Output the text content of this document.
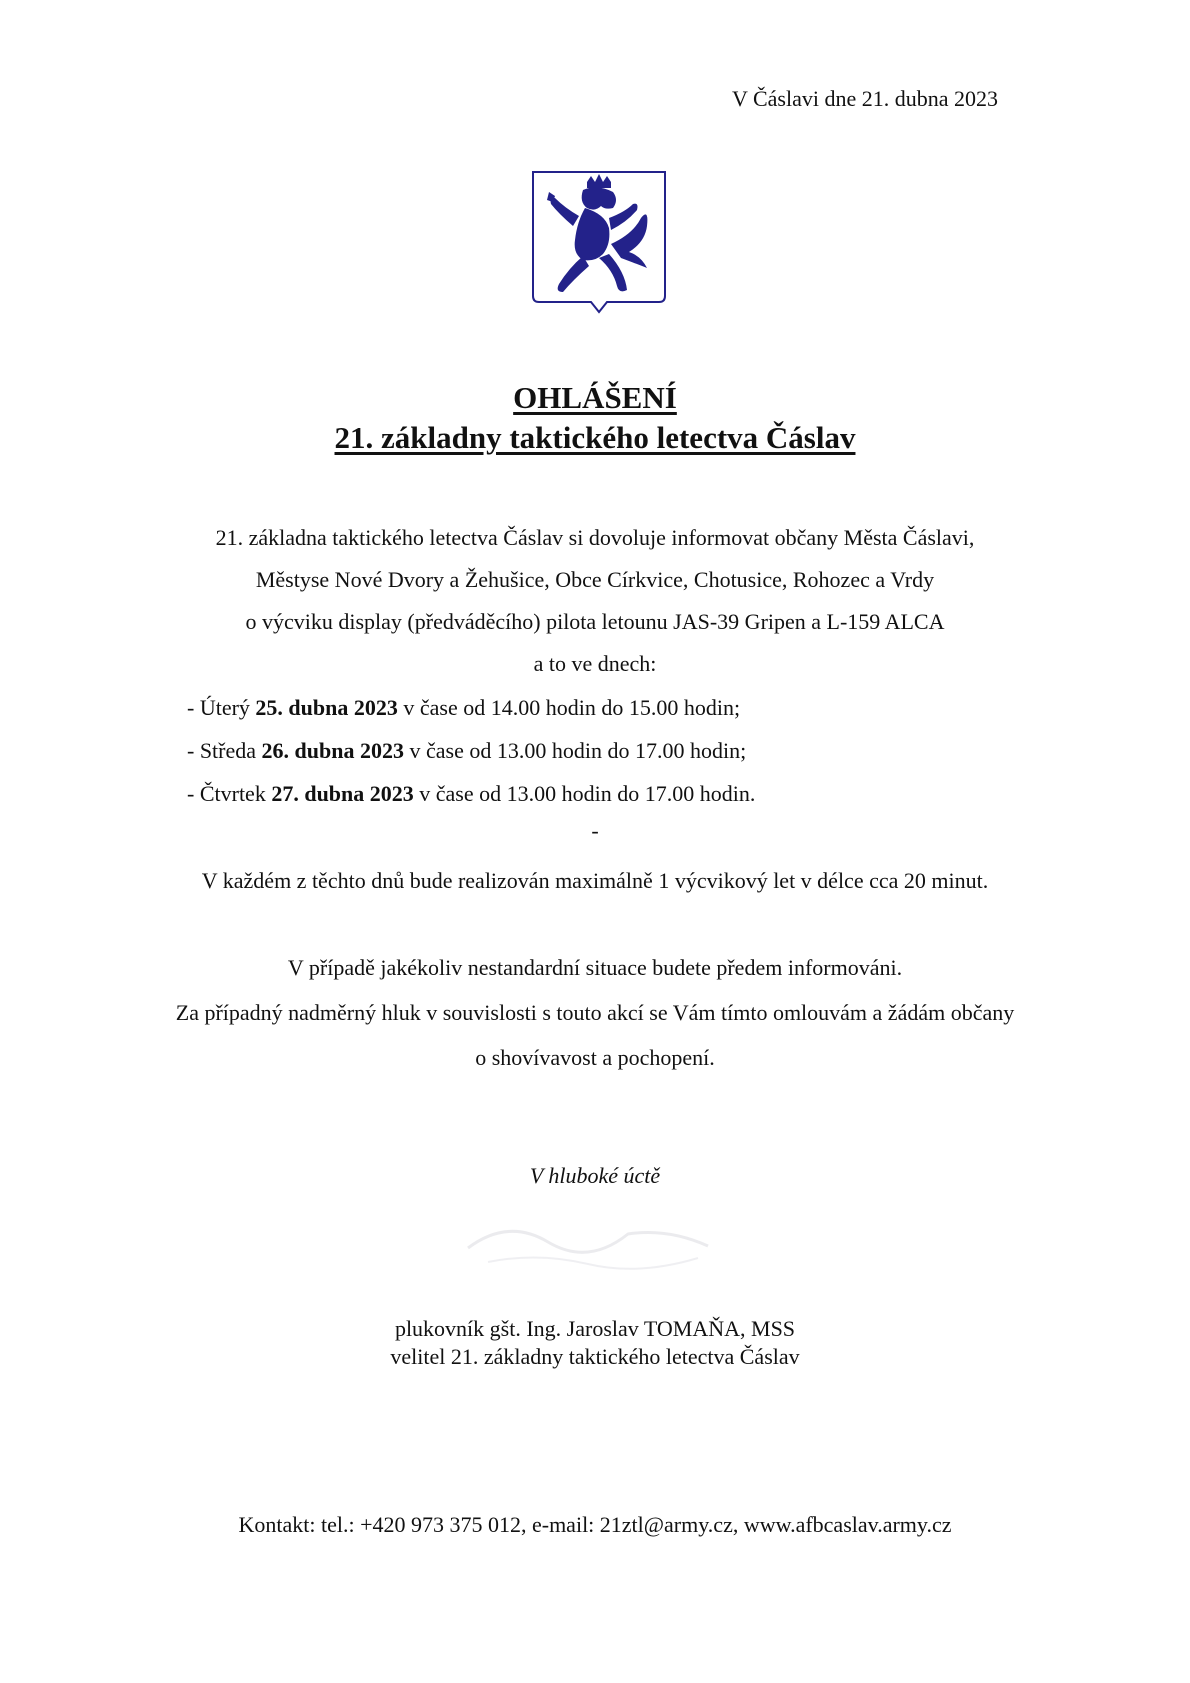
V Čáslavi dne 21. dubna 2023
OHLÁŠENÍ
21. základny taktického letectva Čáslav
21. základna taktického letectva Čáslav si dovoluje informovat občany Města Čáslavi,
Městyse Nové Dvory a Žehušice, Obce Církvice, Chotusice, Rohozec a Vrdy
o výcviku display (předváděcího) pilota letounu JAS-39 Gripen a L-159 ALCA
a to ve dnech:
- Úterý 25. dubna 2023 v čase od 14.00 hodin do 15.00 hodin;
- Středa 26. dubna 2023 v čase od 13.00 hodin do 17.00 hodin;
- Čtvrtek 27. dubna 2023 v čase od 13.00 hodin do 17.00 hodin.
-
V každém z těchto dnů bude realizován maximálně 1 výcvikový let v délce cca 20 minut.
V případě jakékoliv nestandardní situace budete předem informováni.
Za případný nadměrný hluk v souvislosti s touto akcí se Vám tímto omlouvám a žádám občany
o shovívavost a pochopení.
V hluboké úctě
plukovník gšt. Ing. Jaroslav TOMAŇA, MSS
velitel 21. základny taktického letectva Čáslav
Kontakt: tel.: +420 973 375 012, e-mail: 21ztl@army.cz, www.afbcaslav.army.cz
